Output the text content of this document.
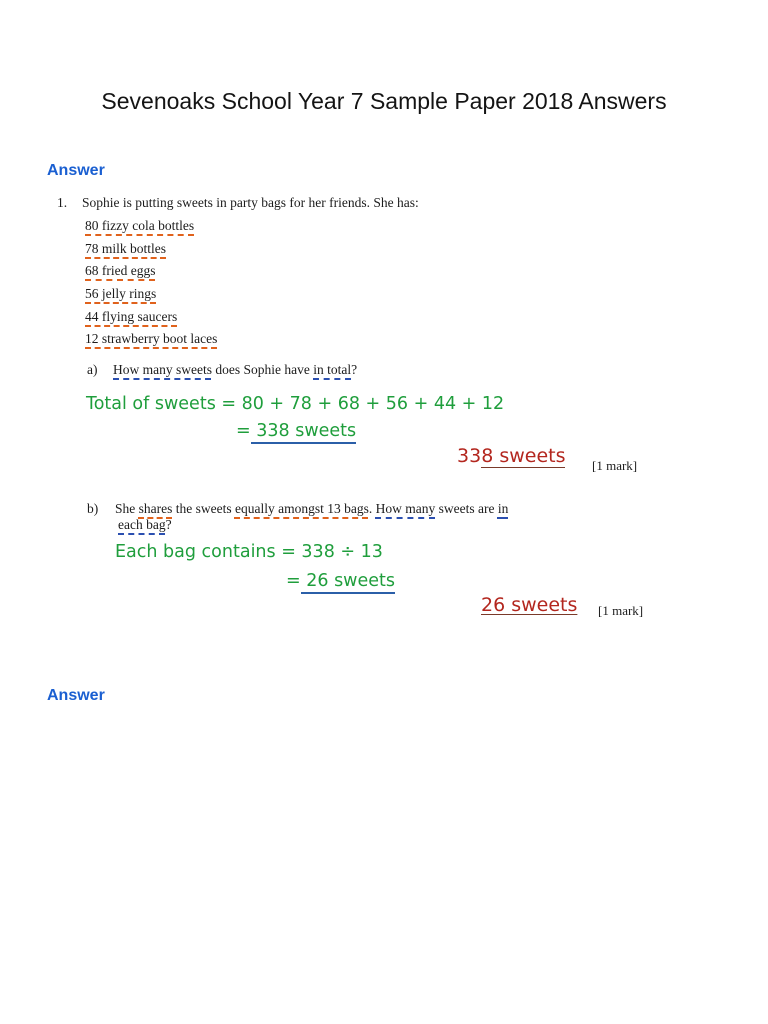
Sevenoaks School Year 7 Sample Paper 2018 Answers
Answer
1. Sophie is putting sweets in party bags for her friends. She has:
80 fizzy cola bottles
78 milk bottles
68 fried eggs
56 jelly rings
44 flying saucers
12 strawberry boot laces
a) How many sweets does Sophie have in total?
Total of sweets = 80 + 78 + 68 + 56 + 44 + 12
= 338 sweets
338 sweets [1 mark]
b) She shares the sweets equally amongst 13 bags. How many sweets are in
each bag?
Each bag contains = 338 ÷ 13
= 26 sweets
26 sweets [1 mark]
Answer
